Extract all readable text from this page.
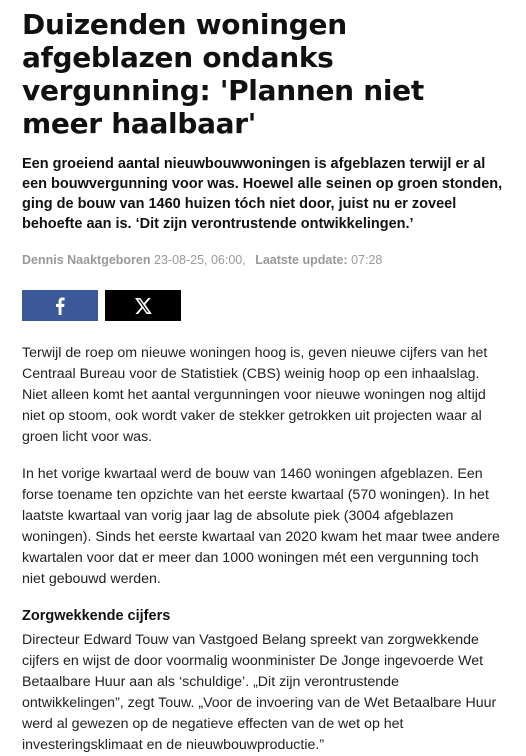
Duizenden woningen afgeblazen ondanks vergunning: 'Plannen niet meer haalbaar'

Een groeiend aantal nieuwbouwwoningen is afgeblazen terwijl er al een bouwvergunning voor was. Hoewel alle seinen op groen stonden, ging de bouw van 1460 huizen tóch niet door, juist nu er zoveel behoefte aan is. ‘Dit zijn verontrustende ontwikkelingen.’

Dennis Naaktgeboren 23-08-25, 06:00, Laatste update: 07:28

Terwijl de roep om nieuwe woningen hoog is, geven nieuwe cijfers van het Centraal Bureau voor de Statistiek (CBS) weinig hoop op een inhaalslag. Niet alleen komt het aantal vergunningen voor nieuwe woningen nog altijd niet op stoom, ook wordt vaker de stekker getrokken uit projecten waar al groen licht voor was.

In het vorige kwartaal werd de bouw van 1460 woningen afgeblazen. Een forse toename ten opzichte van het eerste kwartaal (570 woningen). In het laatste kwartaal van vorig jaar lag de absolute piek (3004 afgeblazen woningen). Sinds het eerste kwartaal van 2020 kwam het maar twee andere kwartalen voor dat er meer dan 1000 woningen mét een vergunning toch niet gebouwd werden.

Zorgwekkende cijfers

Directeur Edward Touw van Vastgoed Belang spreekt van zorgwekkende cijfers en wijst de door voormalig woonminister De Jonge ingevoerde Wet Betaalbare Huur aan als ‘schuldige’. „Dit zijn verontrustende ontwikkelingen”, zegt Touw. „Voor de invoering van de Wet Betaalbare Huur werd al gewezen op de negatieve effecten van de wet op het investeringsklimaat en de nieuwbouwproductie.”
